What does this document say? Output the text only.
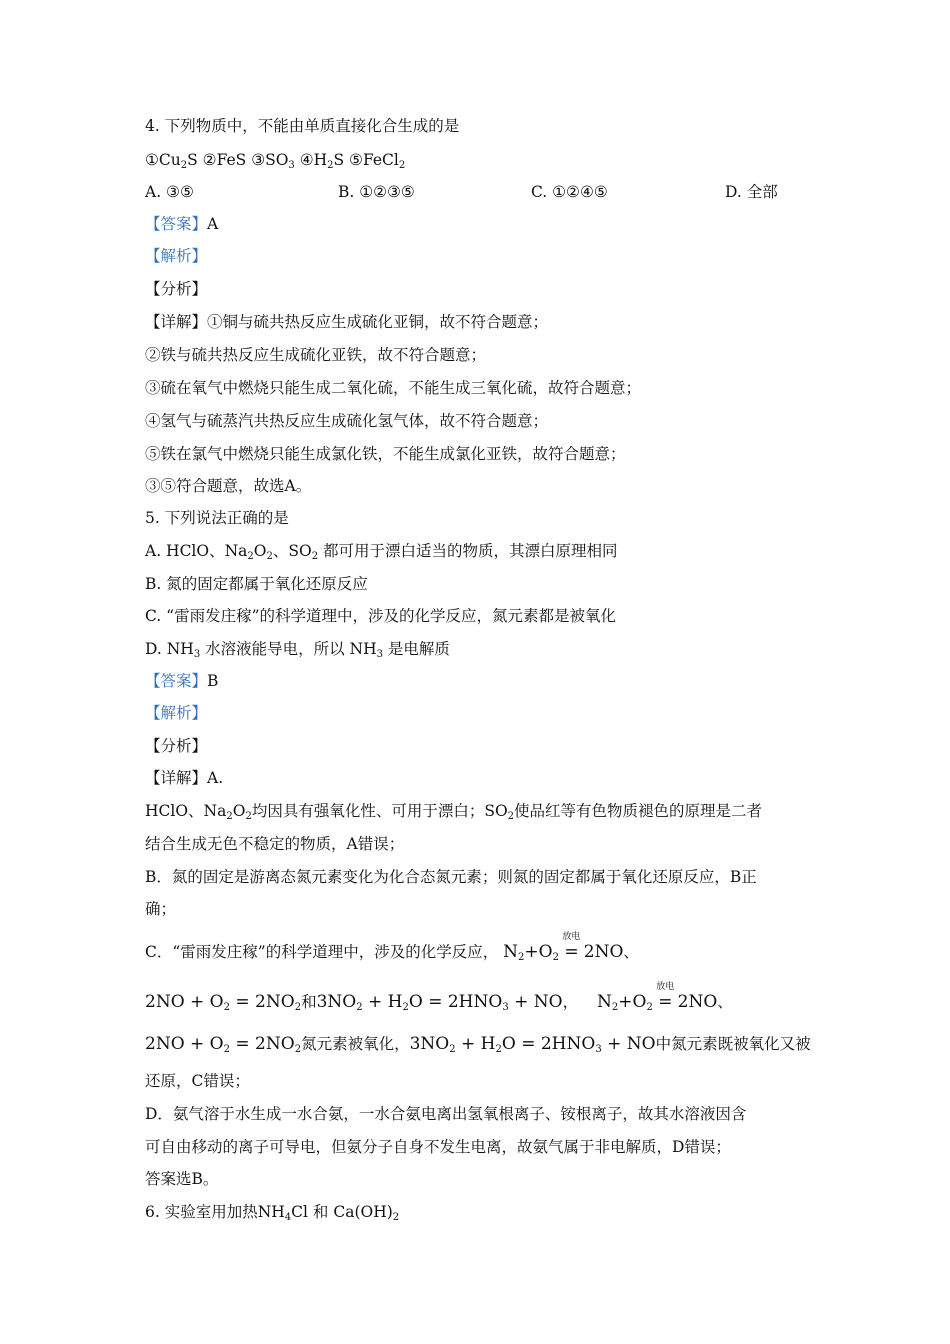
4. 下列物质中，不能由单质直接化合生成的是
$①Cu_2S$ ②FeS $③SO_3$ $④H_2S$ ⑤FeCl$_2$
A. ③⑤	B. ①②③⑤	C. ①②④⑤	D. 全部
【答案】A
【解析】
【分析】
【详解】①铜与硫共热反应生成硫化亚铜，故不符合题意；
②铁与硫共热反应生成硫化亚铁，故不符合题意；
③硫在氧气中燃烧只能生成二氧化硫，不能生成三氧化硫，故符合题意；
④氢气与硫蒸汽共热反应生成硫化氢气体，故不符合题意；
⑤铁在氯气中燃烧只能生成氯化铁，不能生成氯化亚铁，故符合题意；
③⑤符合题意，故选A。
5. 下列说法正确的是
A. HClO、$Na_2O_2$、$SO_2$ 都可用于漂白适当的物质，其漂白原理相同
B. 氮的固定都属于氧化还原反应
C. “雷雨发庄稼”的科学道理中，涉及的化学反应，氮元素都是被氧化
D. $NH_3$ 水溶液能导电，所以 $NH_3$ 是电解质
【答案】B
【解析】
【分析】
【详解】A.
HClO、$Na_2O_2$均因具有强氧化性、可用于漂白；$SO_2$使品红等有色物质褪色的原理是二者
结合生成无色不稳定的物质，A错误；
B．氮的固定是游离态氮元素变化为化合态氮元素；则氮的固定都属于氧化还原反应，B正
确；
C．“雷雨发庄稼”的科学道理中，涉及的化学反应， $N_2+O_2$
放电
= 2NO、
$2NO + O_2 = 2NO_2$和$3NO_2 + H_2O = 2HNO_3$ + NO， $N_2+O_2$
放电
= 2NO、
$2NO + O_2 = 2NO_2$氮元素被氧化，$3NO_2 + H_2O = 2HNO_3$ + NO中氮元素既被氧化又被
还原，C错误；
D．氨气溶于水生成一水合氨，一水合氨电离出氢氧根离子、铵根离子，故其水溶液因含
可自由移动的离子可导电，但氨分子自身不发生电离，故氨气属于非电解质，D错误；
答案选B。
6. 实验室用加热$NH_4Cl$ 和 $Ca(OH)_2$
